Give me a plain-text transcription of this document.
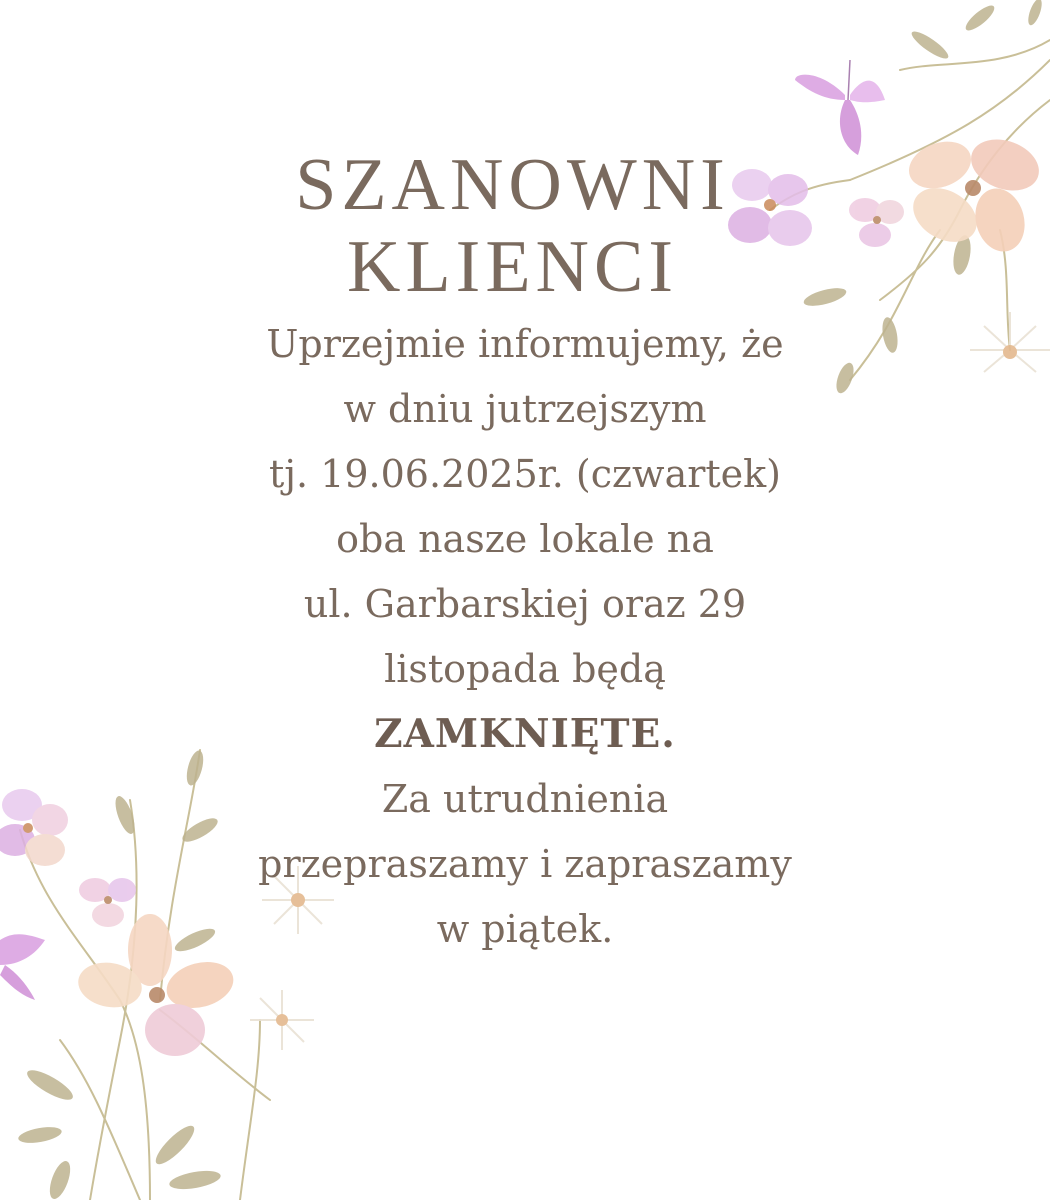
SZANOWNI
KLIENCI
Uprzejmie informujemy, że
w dniu jutrzejszym
tj. 19.06.2025r. (czwartek)
oba nasze lokale na
ul. Garbarskiej oraz 29
listopada będą
ZAMKNIĘTE.
Za utrudnienia
przepraszamy i zapraszamy
w piątek.
